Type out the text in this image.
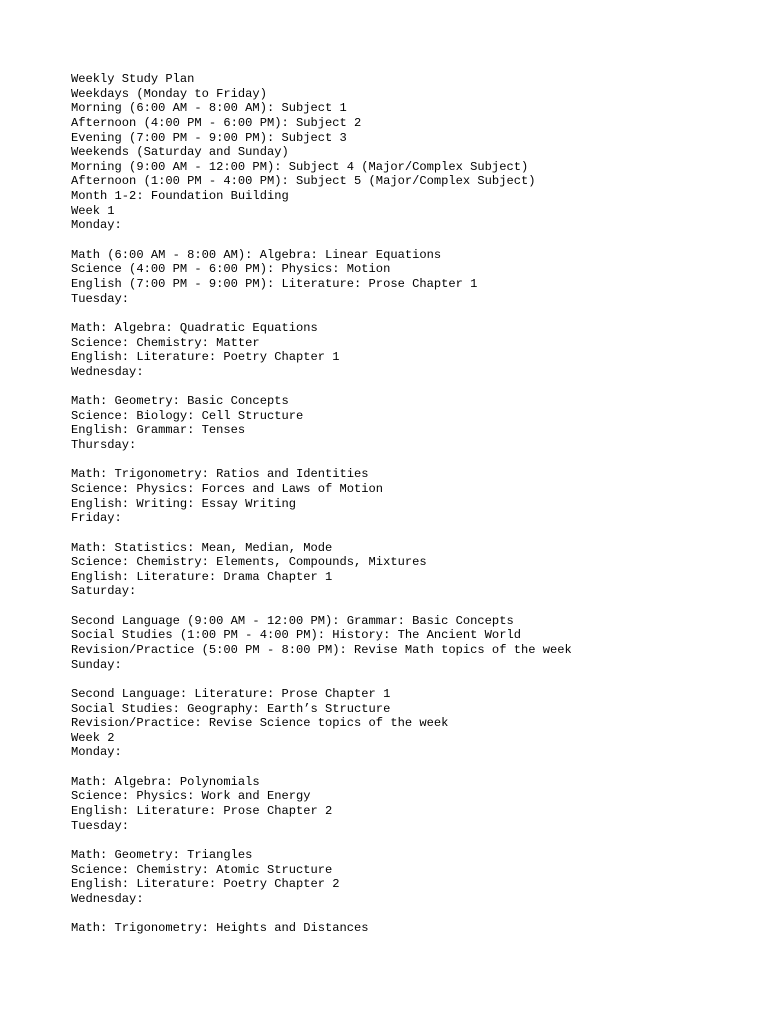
Weekly Study Plan
Weekdays (Monday to Friday)
Morning (6:00 AM - 8:00 AM): Subject 1
Afternoon (4:00 PM - 6:00 PM): Subject 2
Evening (7:00 PM - 9:00 PM): Subject 3
Weekends (Saturday and Sunday)
Morning (9:00 AM - 12:00 PM): Subject 4 (Major/Complex Subject)
Afternoon (1:00 PM - 4:00 PM): Subject 5 (Major/Complex Subject)
Month 1-2: Foundation Building
Week 1
Monday:
Math (6:00 AM - 8:00 AM): Algebra: Linear Equations
Science (4:00 PM - 6:00 PM): Physics: Motion
English (7:00 PM - 9:00 PM): Literature: Prose Chapter 1
Tuesday:
Math: Algebra: Quadratic Equations
Science: Chemistry: Matter
English: Literature: Poetry Chapter 1
Wednesday:
Math: Geometry: Basic Concepts
Science: Biology: Cell Structure
English: Grammar: Tenses
Thursday:
Math: Trigonometry: Ratios and Identities
Science: Physics: Forces and Laws of Motion
English: Writing: Essay Writing
Friday:
Math: Statistics: Mean, Median, Mode
Science: Chemistry: Elements, Compounds, Mixtures
English: Literature: Drama Chapter 1
Saturday:
Second Language (9:00 AM - 12:00 PM): Grammar: Basic Concepts
Social Studies (1:00 PM - 4:00 PM): History: The Ancient World
Revision/Practice (5:00 PM - 8:00 PM): Revise Math topics of the week
Sunday:
Second Language: Literature: Prose Chapter 1
Social Studies: Geography: Earth’s Structure
Revision/Practice: Revise Science topics of the week
Week 2
Monday:
Math: Algebra: Polynomials
Science: Physics: Work and Energy
English: Literature: Prose Chapter 2
Tuesday:
Math: Geometry: Triangles
Science: Chemistry: Atomic Structure
English: Literature: Poetry Chapter 2
Wednesday:
Math: Trigonometry: Heights and Distances
